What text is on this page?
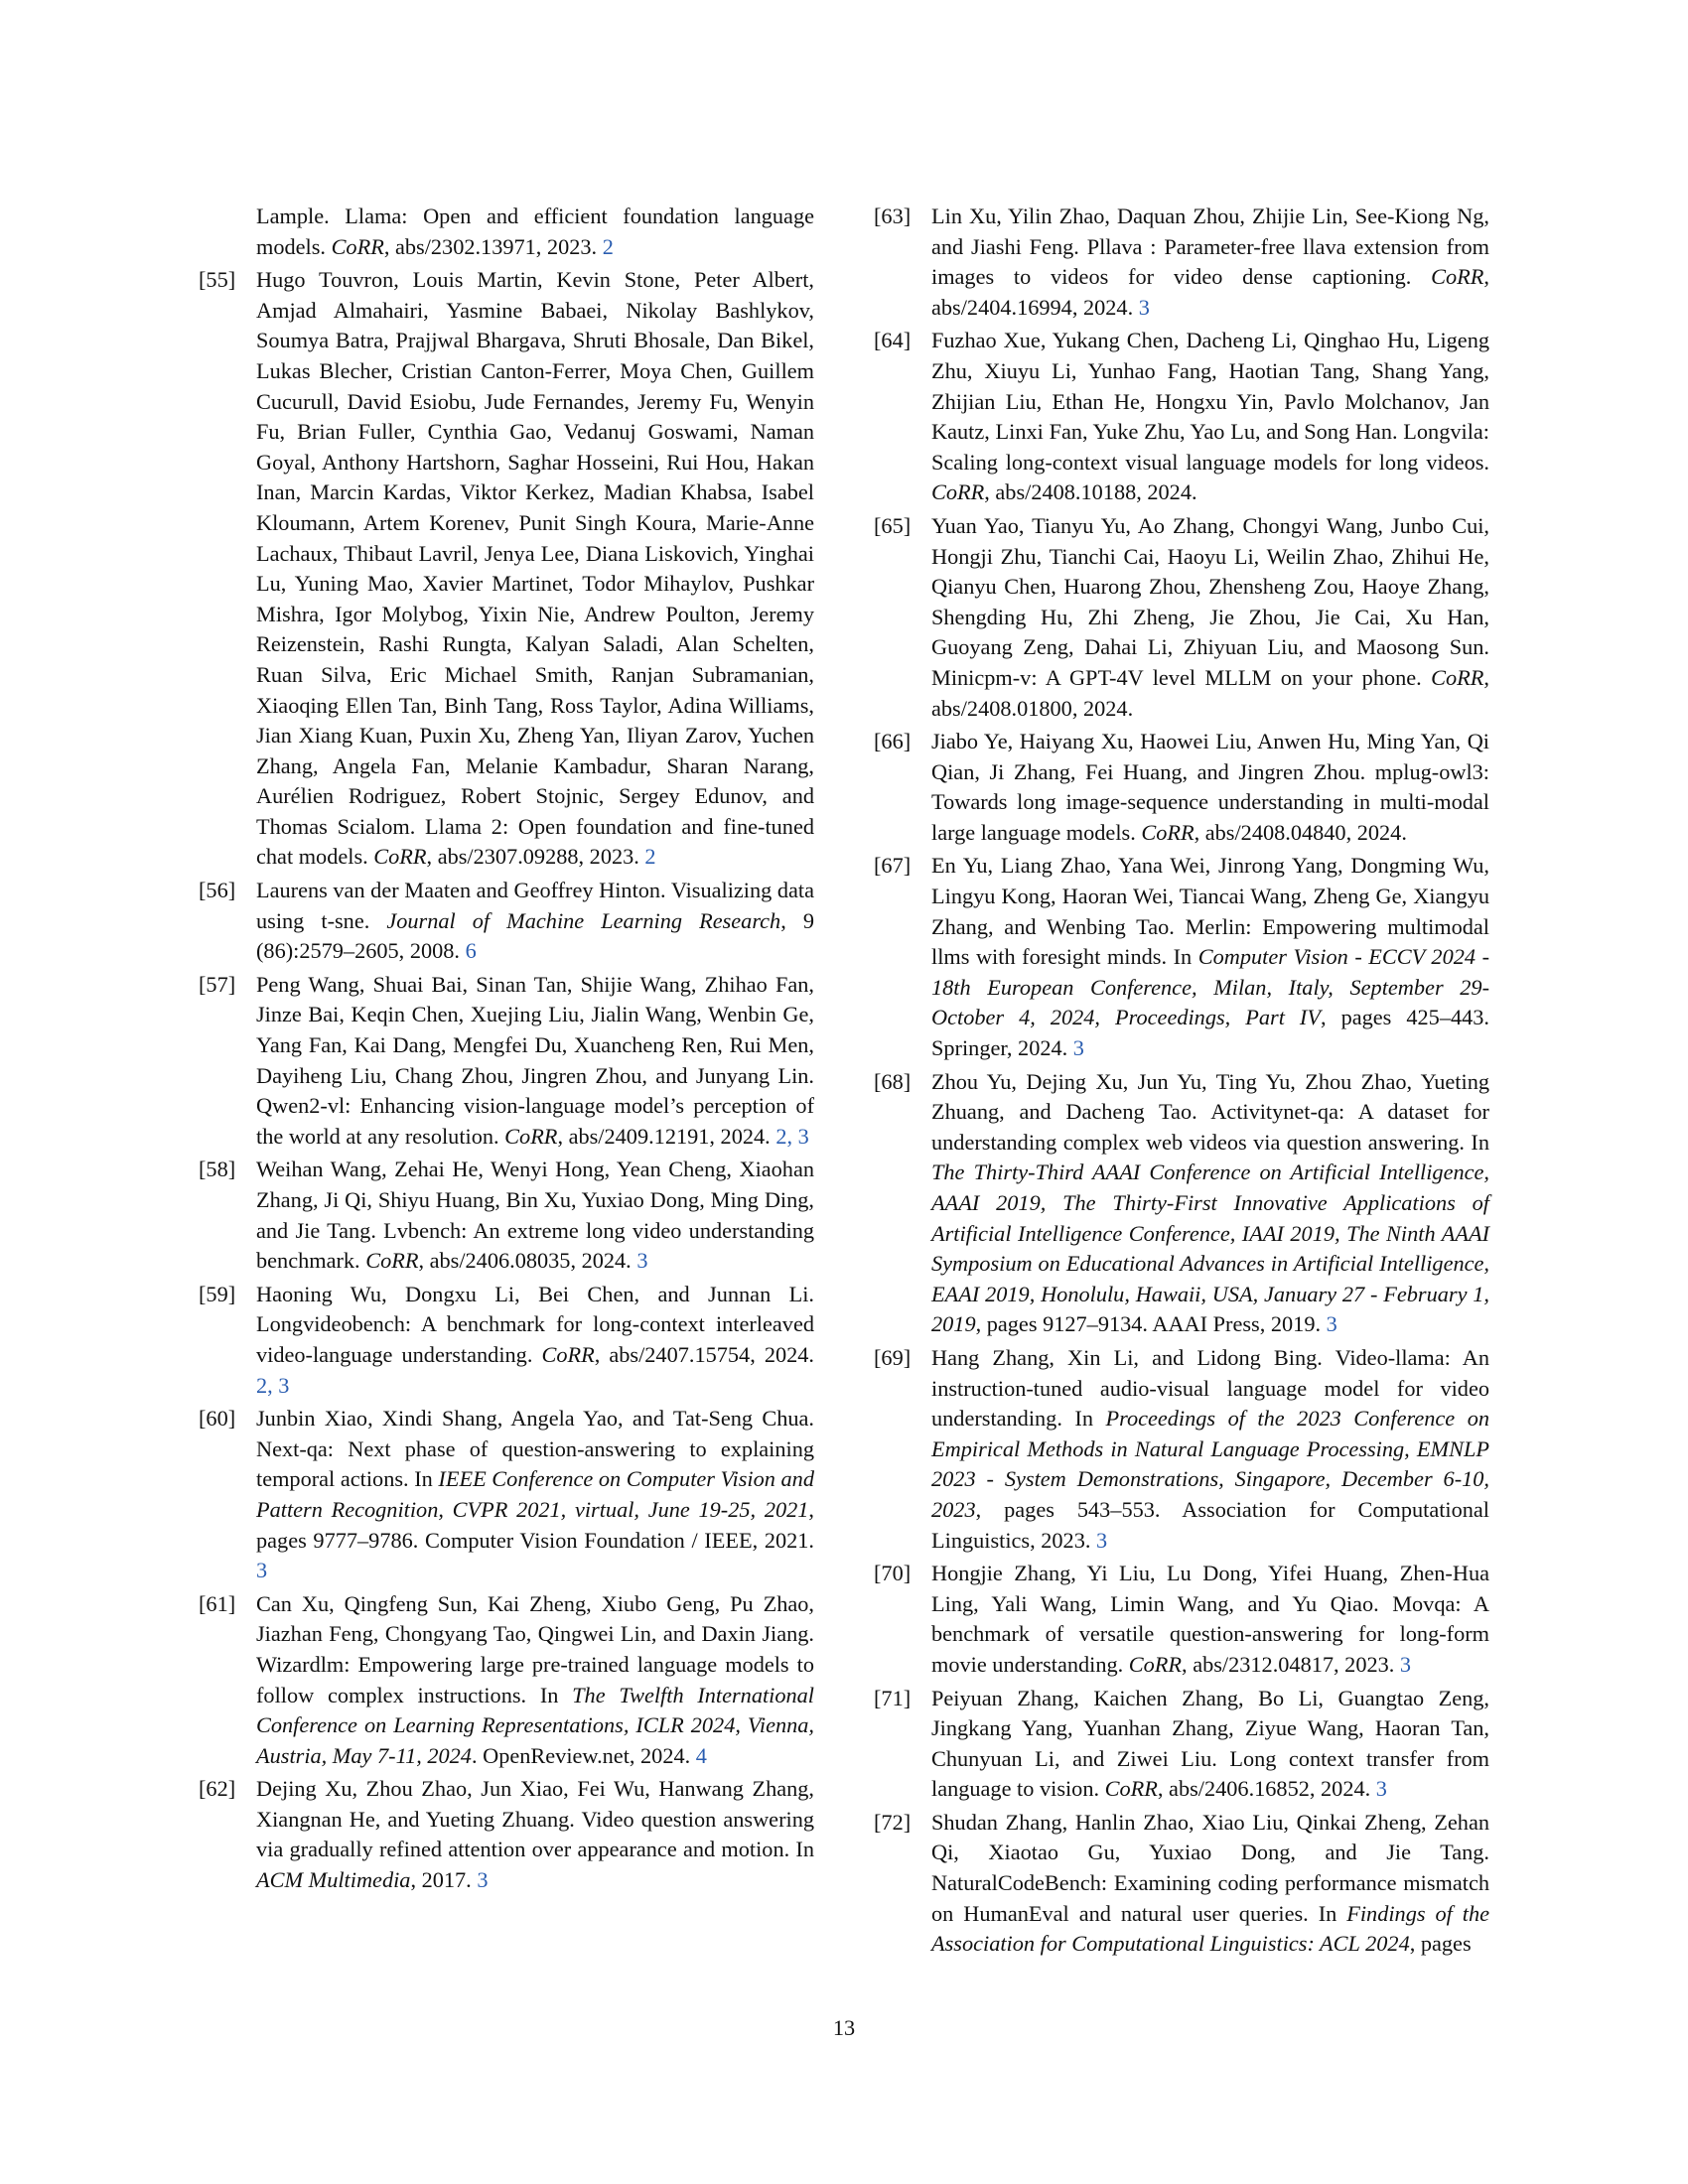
Lample. Llama: Open and efficient foundation language models. CoRR, abs/2302.13971, 2023. 2
[55] Hugo Touvron, Louis Martin, Kevin Stone, Peter Albert, Amjad Almahairi, Yasmine Babaei, Nikolay Bashlykov, Soumya Batra, Prajjwal Bhargava, Shruti Bhosale, Dan Bikel, Lukas Blecher, Cristian Canton-Ferrer, Moya Chen, Guillem Cucurull, David Esiobu, Jude Fernandes, Jeremy Fu, Wenyin Fu, Brian Fuller, Cynthia Gao, Vedanuj Goswami, Naman Goyal, Anthony Hartshorn, Saghar Hosseini, Rui Hou, Hakan Inan, Marcin Kardas, Viktor Kerkez, Madian Khabsa, Isabel Kloumann, Artem Korenev, Punit Singh Koura, Marie-Anne Lachaux, Thibaut Lavril, Jenya Lee, Diana Liskovich, Yinghai Lu, Yuning Mao, Xavier Martinet, Todor Mihaylov, Pushkar Mishra, Igor Molybog, Yixin Nie, Andrew Poulton, Jeremy Reizenstein, Rashi Rungta, Kalyan Saladi, Alan Schelten, Ruan Silva, Eric Michael Smith, Ranjan Subramanian, Xiaoqing Ellen Tan, Binh Tang, Ross Taylor, Adina Williams, Jian Xiang Kuan, Puxin Xu, Zheng Yan, Iliyan Zarov, Yuchen Zhang, Angela Fan, Melanie Kambadur, Sharan Narang, Aurélien Rodriguez, Robert Stojnic, Sergey Edunov, and Thomas Scialom. Llama 2: Open foundation and fine-tuned chat models. CoRR, abs/2307.09288, 2023. 2
[56] Laurens van der Maaten and Geoffrey Hinton. Visualizing data using t-sne. Journal of Machine Learning Research, 9 (86):2579–2605, 2008. 6
[57] Peng Wang, Shuai Bai, Sinan Tan, Shijie Wang, Zhihao Fan, Jinze Bai, Keqin Chen, Xuejing Liu, Jialin Wang, Wenbin Ge, Yang Fan, Kai Dang, Mengfei Du, Xuancheng Ren, Rui Men, Dayiheng Liu, Chang Zhou, Jingren Zhou, and Junyang Lin. Qwen2-vl: Enhancing vision-language model’s perception of the world at any resolution. CoRR, abs/2409.12191, 2024. 2, 3
[58] Weihan Wang, Zehai He, Wenyi Hong, Yean Cheng, Xiaohan Zhang, Ji Qi, Shiyu Huang, Bin Xu, Yuxiao Dong, Ming Ding, and Jie Tang. Lvbench: An extreme long video understanding benchmark. CoRR, abs/2406.08035, 2024. 3
[59] Haoning Wu, Dongxu Li, Bei Chen, and Junnan Li. Longvideobench: A benchmark for long-context interleaved video-language understanding. CoRR, abs/2407.15754, 2024. 2, 3
[60] Junbin Xiao, Xindi Shang, Angela Yao, and Tat-Seng Chua. Next-qa: Next phase of question-answering to explaining temporal actions. In IEEE Conference on Computer Vision and Pattern Recognition, CVPR 2021, virtual, June 19-25, 2021, pages 9777–9786. Computer Vision Foundation / IEEE, 2021. 3
[61] Can Xu, Qingfeng Sun, Kai Zheng, Xiubo Geng, Pu Zhao, Jiazhan Feng, Chongyang Tao, Qingwei Lin, and Daxin Jiang. Wizardlm: Empowering large pre-trained language models to follow complex instructions. In The Twelfth International Conference on Learning Representations, ICLR 2024, Vienna, Austria, May 7-11, 2024. OpenReview.net, 2024. 4
[62] Dejing Xu, Zhou Zhao, Jun Xiao, Fei Wu, Hanwang Zhang, Xiangnan He, and Yueting Zhuang. Video question answering via gradually refined attention over appearance and motion. In ACM Multimedia, 2017. 3
[63] Lin Xu, Yilin Zhao, Daquan Zhou, Zhijie Lin, See-Kiong Ng, and Jiashi Feng. Pllava : Parameter-free llava extension from images to videos for video dense captioning. CoRR, abs/2404.16994, 2024. 3
[64] Fuzhao Xue, Yukang Chen, Dacheng Li, Qinghao Hu, Ligeng Zhu, Xiuyu Li, Yunhao Fang, Haotian Tang, Shang Yang, Zhijian Liu, Ethan He, Hongxu Yin, Pavlo Molchanov, Jan Kautz, Linxi Fan, Yuke Zhu, Yao Lu, and Song Han. Longvila: Scaling long-context visual language models for long videos. CoRR, abs/2408.10188, 2024.
[65] Yuan Yao, Tianyu Yu, Ao Zhang, Chongyi Wang, Junbo Cui, Hongji Zhu, Tianchi Cai, Haoyu Li, Weilin Zhao, Zhihui He, Qianyu Chen, Huarong Zhou, Zhensheng Zou, Haoye Zhang, Shengding Hu, Zhi Zheng, Jie Zhou, Jie Cai, Xu Han, Guoyang Zeng, Dahai Li, Zhiyuan Liu, and Maosong Sun. Minicpm-v: A GPT-4V level MLLM on your phone. CoRR, abs/2408.01800, 2024.
[66] Jiabo Ye, Haiyang Xu, Haowei Liu, Anwen Hu, Ming Yan, Qi Qian, Ji Zhang, Fei Huang, and Jingren Zhou. mplug-owl3: Towards long image-sequence understanding in multi-modal large language models. CoRR, abs/2408.04840, 2024.
[67] En Yu, Liang Zhao, Yana Wei, Jinrong Yang, Dongming Wu, Lingyu Kong, Haoran Wei, Tiancai Wang, Zheng Ge, Xiangyu Zhang, and Wenbing Tao. Merlin: Empowering multimodal llms with foresight minds. In Computer Vision - ECCV 2024 - 18th European Conference, Milan, Italy, September 29-October 4, 2024, Proceedings, Part IV, pages 425–443. Springer, 2024. 3
[68] Zhou Yu, Dejing Xu, Jun Yu, Ting Yu, Zhou Zhao, Yueting Zhuang, and Dacheng Tao. Activitynet-qa: A dataset for understanding complex web videos via question answering. In The Thirty-Third AAAI Conference on Artificial Intelligence, AAAI 2019, The Thirty-First Innovative Applications of Artificial Intelligence Conference, IAAI 2019, The Ninth AAAI Symposium on Educational Advances in Artificial Intelligence, EAAI 2019, Honolulu, Hawaii, USA, January 27 - February 1, 2019, pages 9127–9134. AAAI Press, 2019. 3
[69] Hang Zhang, Xin Li, and Lidong Bing. Video-llama: An instruction-tuned audio-visual language model for video understanding. In Proceedings of the 2023 Conference on Empirical Methods in Natural Language Processing, EMNLP 2023 - System Demonstrations, Singapore, December 6-10, 2023, pages 543–553. Association for Computational Linguistics, 2023. 3
[70] Hongjie Zhang, Yi Liu, Lu Dong, Yifei Huang, Zhen-Hua Ling, Yali Wang, Limin Wang, and Yu Qiao. Movqa: A benchmark of versatile question-answering for long-form movie understanding. CoRR, abs/2312.04817, 2023. 3
[71] Peiyuan Zhang, Kaichen Zhang, Bo Li, Guangtao Zeng, Jingkang Yang, Yuanhan Zhang, Ziyue Wang, Haoran Tan, Chunyuan Li, and Ziwei Liu. Long context transfer from language to vision. CoRR, abs/2406.16852, 2024. 3
[72] Shudan Zhang, Hanlin Zhao, Xiao Liu, Qinkai Zheng, Zehan Qi, Xiaotao Gu, Yuxiao Dong, and Jie Tang. NaturalCodeBench: Examining coding performance mismatch on HumanEval and natural user queries. In Findings of the Association for Computational Linguistics: ACL 2024, pages
13
